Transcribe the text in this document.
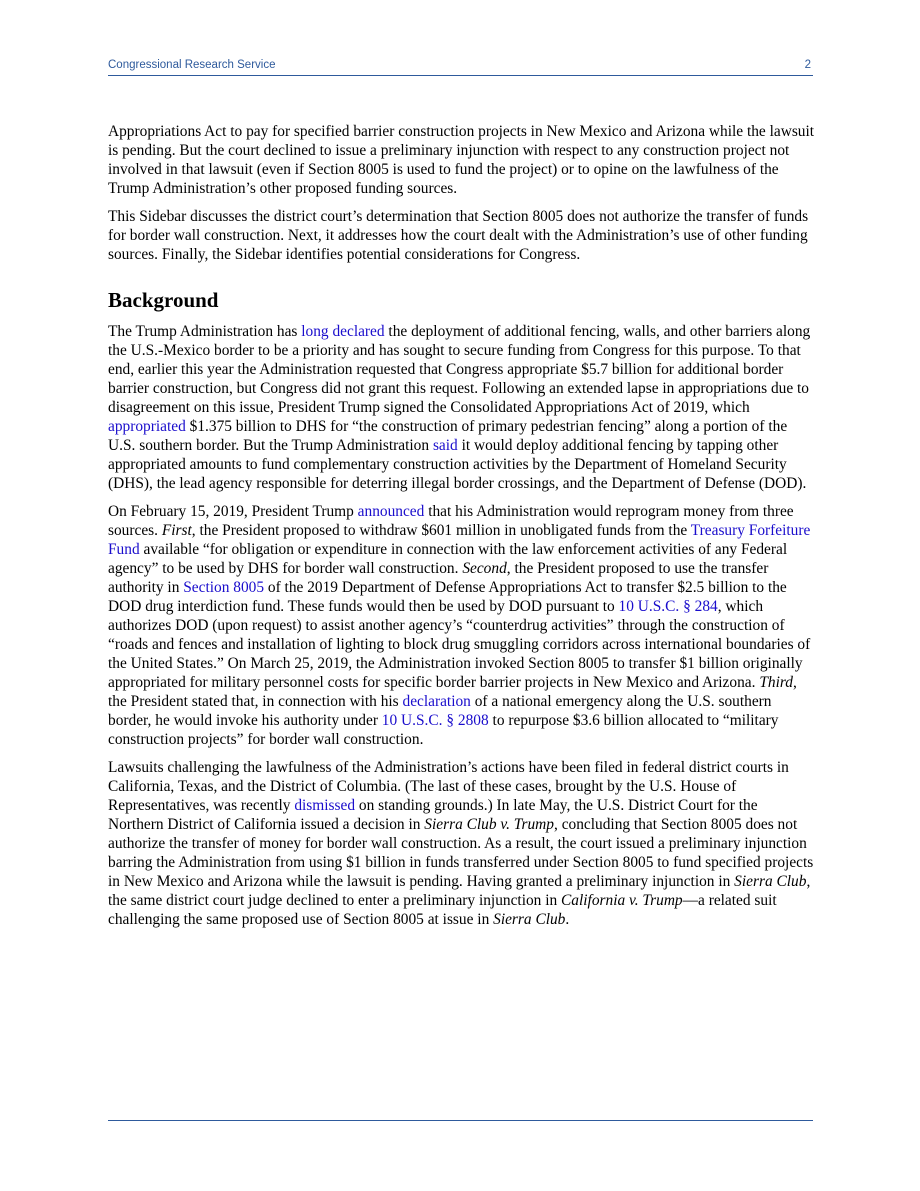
Congressional Research Service	2

Appropriations Act to pay for specified barrier construction projects in New Mexico and Arizona while the lawsuit is pending. But the court declined to issue a preliminary injunction with respect to any construction project not involved in that lawsuit (even if Section 8005 is used to fund the project) or to opine on the lawfulness of the Trump Administration’s other proposed funding sources.

This Sidebar discusses the district court’s determination that Section 8005 does not authorize the transfer of funds for border wall construction. Next, it addresses how the court dealt with the Administration’s use of other funding sources. Finally, the Sidebar identifies potential considerations for Congress.

Background

The Trump Administration has long declared the deployment of additional fencing, walls, and other barriers along the U.S.-Mexico border to be a priority and has sought to secure funding from Congress for this purpose. To that end, earlier this year the Administration requested that Congress appropriate $5.7 billion for additional border barrier construction, but Congress did not grant this request. Following an extended lapse in appropriations due to disagreement on this issue, President Trump signed the Consolidated Appropriations Act of 2019, which appropriated $1.375 billion to DHS for “the construction of primary pedestrian fencing” along a portion of the U.S. southern border. But the Trump Administration said it would deploy additional fencing by tapping other appropriated amounts to fund complementary construction activities by the Department of Homeland Security (DHS), the lead agency responsible for deterring illegal border crossings, and the Department of Defense (DOD).

On February 15, 2019, President Trump announced that his Administration would reprogram money from three sources. First, the President proposed to withdraw $601 million in unobligated funds from the Treasury Forfeiture Fund available “for obligation or expenditure in connection with the law enforcement activities of any Federal agency” to be used by DHS for border wall construction. Second, the President proposed to use the transfer authority in Section 8005 of the 2019 Department of Defense Appropriations Act to transfer $2.5 billion to the DOD drug interdiction fund. These funds would then be used by DOD pursuant to 10 U.S.C. § 284, which authorizes DOD (upon request) to assist another agency’s “counterdrug activities” through the construction of “roads and fences and installation of lighting to block drug smuggling corridors across international boundaries of the United States.” On March 25, 2019, the Administration invoked Section 8005 to transfer $1 billion originally appropriated for military personnel costs for specific border barrier projects in New Mexico and Arizona. Third, the President stated that, in connection with his declaration of a national emergency along the U.S. southern border, he would invoke his authority under 10 U.S.C. § 2808 to repurpose $3.6 billion allocated to “military construction projects” for border wall construction.

Lawsuits challenging the lawfulness of the Administration’s actions have been filed in federal district courts in California, Texas, and the District of Columbia. (The last of these cases, brought by the U.S. House of Representatives, was recently dismissed on standing grounds.) In late May, the U.S. District Court for the Northern District of California issued a decision in Sierra Club v. Trump, concluding that Section 8005 does not authorize the transfer of money for border wall construction. As a result, the court issued a preliminary injunction barring the Administration from using $1 billion in funds transferred under Section 8005 to fund specified projects in New Mexico and Arizona while the lawsuit is pending. Having granted a preliminary injunction in Sierra Club, the same district court judge declined to enter a preliminary injunction in California v. Trump—a related suit challenging the same proposed use of Section 8005 at issue in Sierra Club.
